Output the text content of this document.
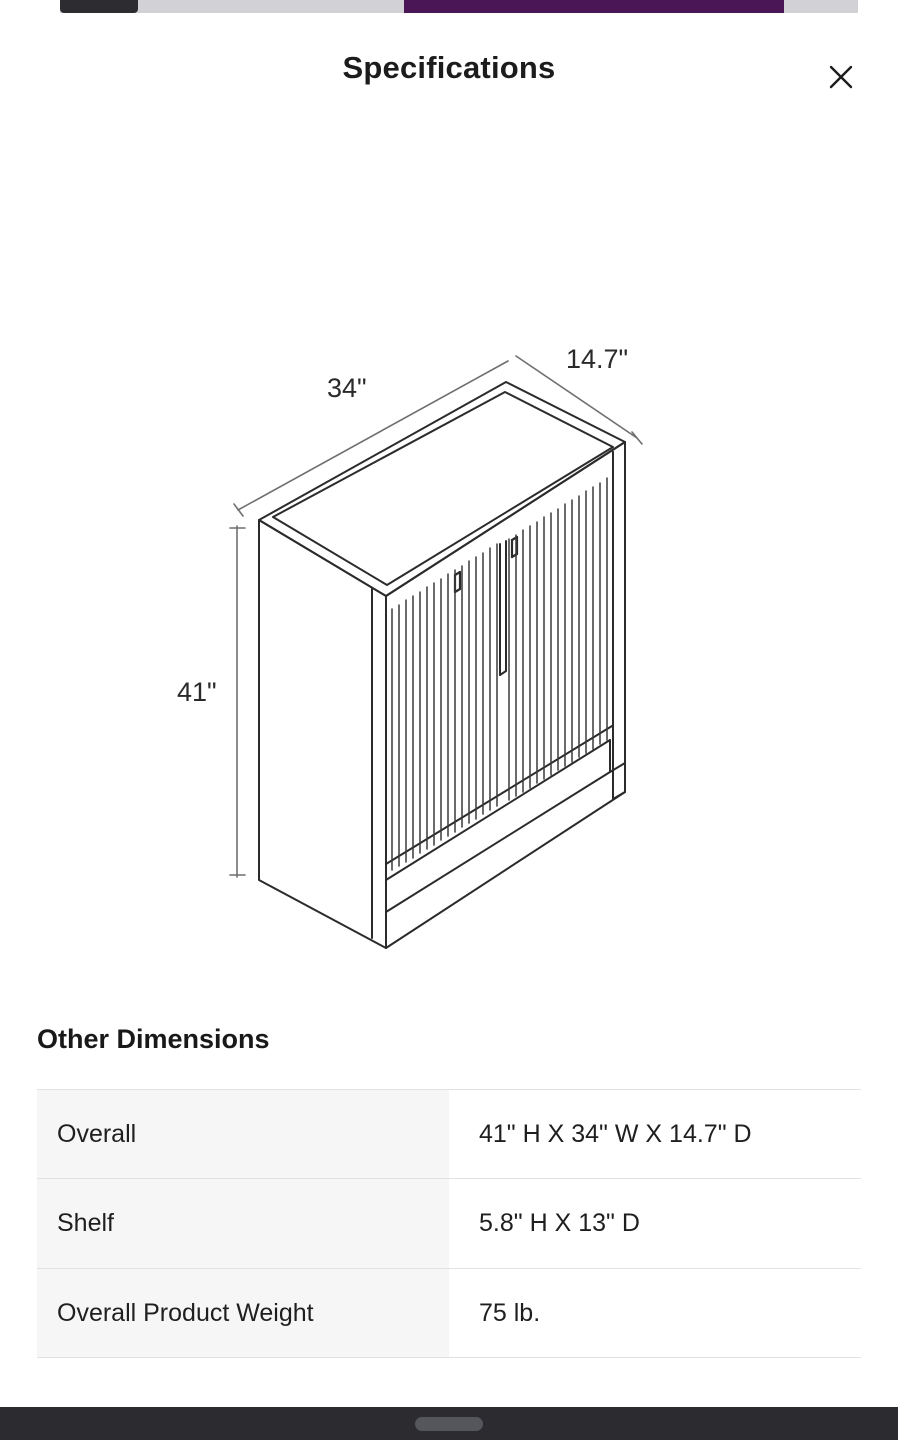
Specifications
34"
14.7"
41"
Other Dimensions
Overall	41" H X 34" W X 14.7" D
Shelf	5.8" H X 13" D
Overall Product Weight	75 lb.
